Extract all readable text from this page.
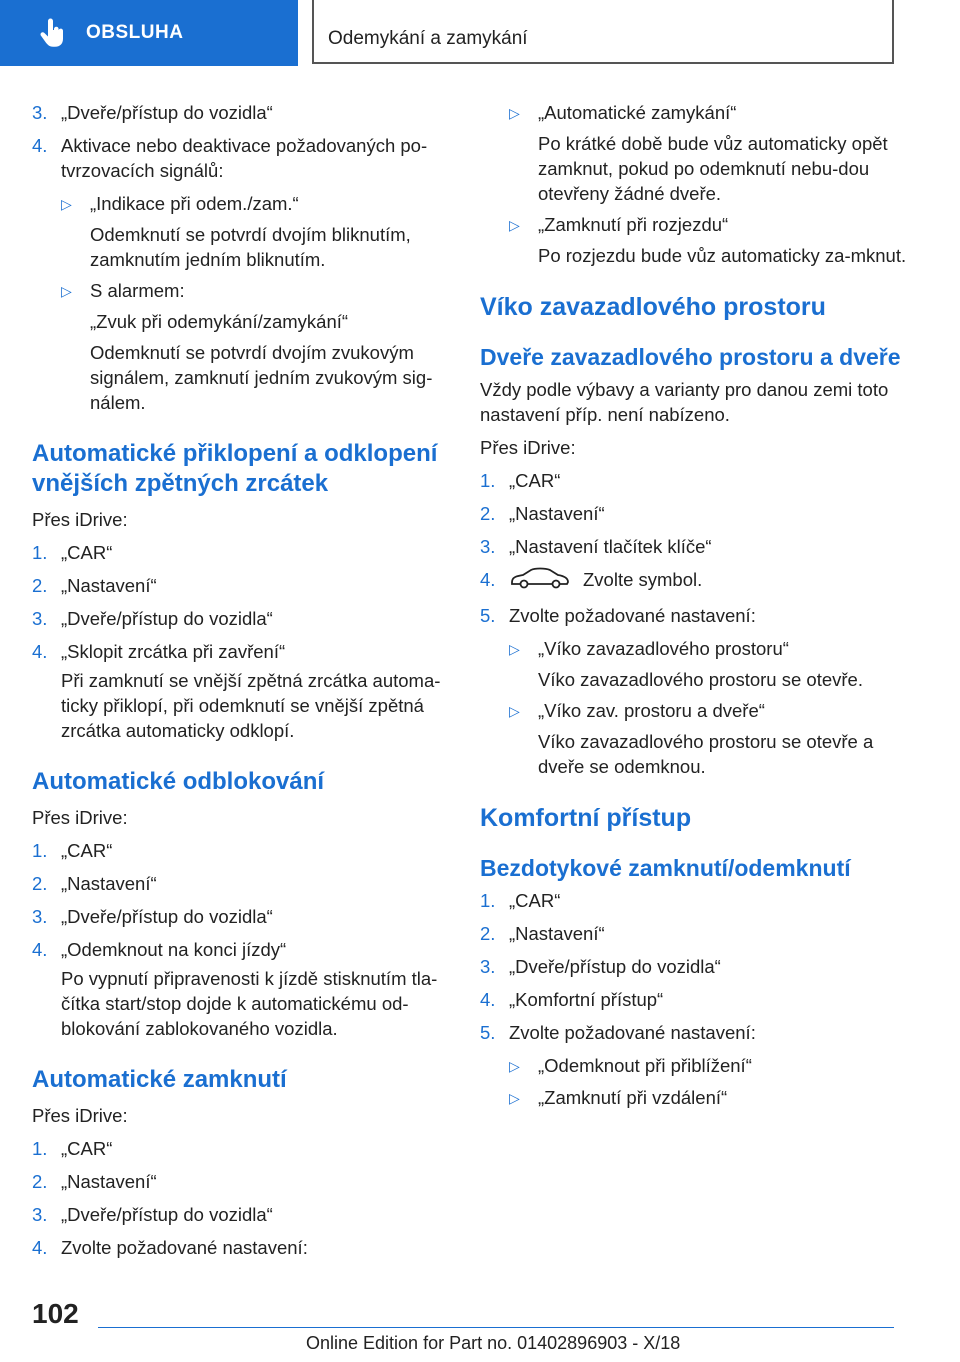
OBSLUHA	Odemykání a zamykání
3. „Dveře/přístup do vozidla“
4. Aktivace nebo deaktivace požadovaných po-tvrzovacích signálů:
▷ „Indikace při odem./zam.“
Odemknutí se potvrdí dvojím bliknutím, zamknutím jedním bliknutím.
▷ S alarmem:
„Zvuk při odemykání/zamykání“
Odemknutí se potvrdí dvojím zvukovým signálem, zamknutí jedním zvukovým sig-nálem.
Automatické přiklopení a odklopení vnějších zpětných zrcátek
Přes iDrive:
1. „CAR“
2. „Nastavení“
3. „Dveře/přístup do vozidla“
4. „Sklopit zrcátka při zavření“
Při zamknutí se vnější zpětná zrcátka automa-ticky přiklopí, při odemknutí se vnější zpětná zrcátka automaticky odklopí.
Automatické odblokování
Přes iDrive:
1. „CAR“
2. „Nastavení“
3. „Dveře/přístup do vozidla“
4. „Odemknout na konci jízdy“
Po vypnutí připravenosti k jízdě stisknutím tla-čítka start/stop dojde k automatickému od-blokování zablokovaného vozidla.
Automatické zamknutí
Přes iDrive:
1. „CAR“
2. „Nastavení“
3. „Dveře/přístup do vozidla“
4. Zvolte požadované nastavení:
▷ „Automatické zamykání“
Po krátké době bude vůz automaticky opět zamknut, pokud po odemknutí nebu-dou otevřeny žádné dveře.
▷ „Zamknutí při rozjezdu“
Po rozjezdu bude vůz automaticky za-mknut.
Víko zavazadlového prostoru
Dveře zavazadlového prostoru a dveře
Vždy podle výbavy a varianty pro danou zemi toto nastavení příp. není nabízeno.
Přes iDrive:
1. „CAR“
2. „Nastavení“
3. „Nastavení tlačítek klíče“
4.	Zvolte symbol.
5. Zvolte požadované nastavení:
▷ „Víko zavazadlového prostoru“
Víko zavazadlového prostoru se otevře.
▷ „Víko zav. prostoru a dveře“
Víko zavazadlového prostoru se otevře a dveře se odemknou.
Komfortní přístup
Bezdotykové zamknutí/odemknutí
1. „CAR“
2. „Nastavení“
3. „Dveře/přístup do vozidla“
4. „Komfortní přístup“
5. Zvolte požadované nastavení:
▷ „Odemknout při přiblížení“
▷ „Zamknutí při vzdálení“
102
Online Edition for Part no. 01402896903 - X/18
